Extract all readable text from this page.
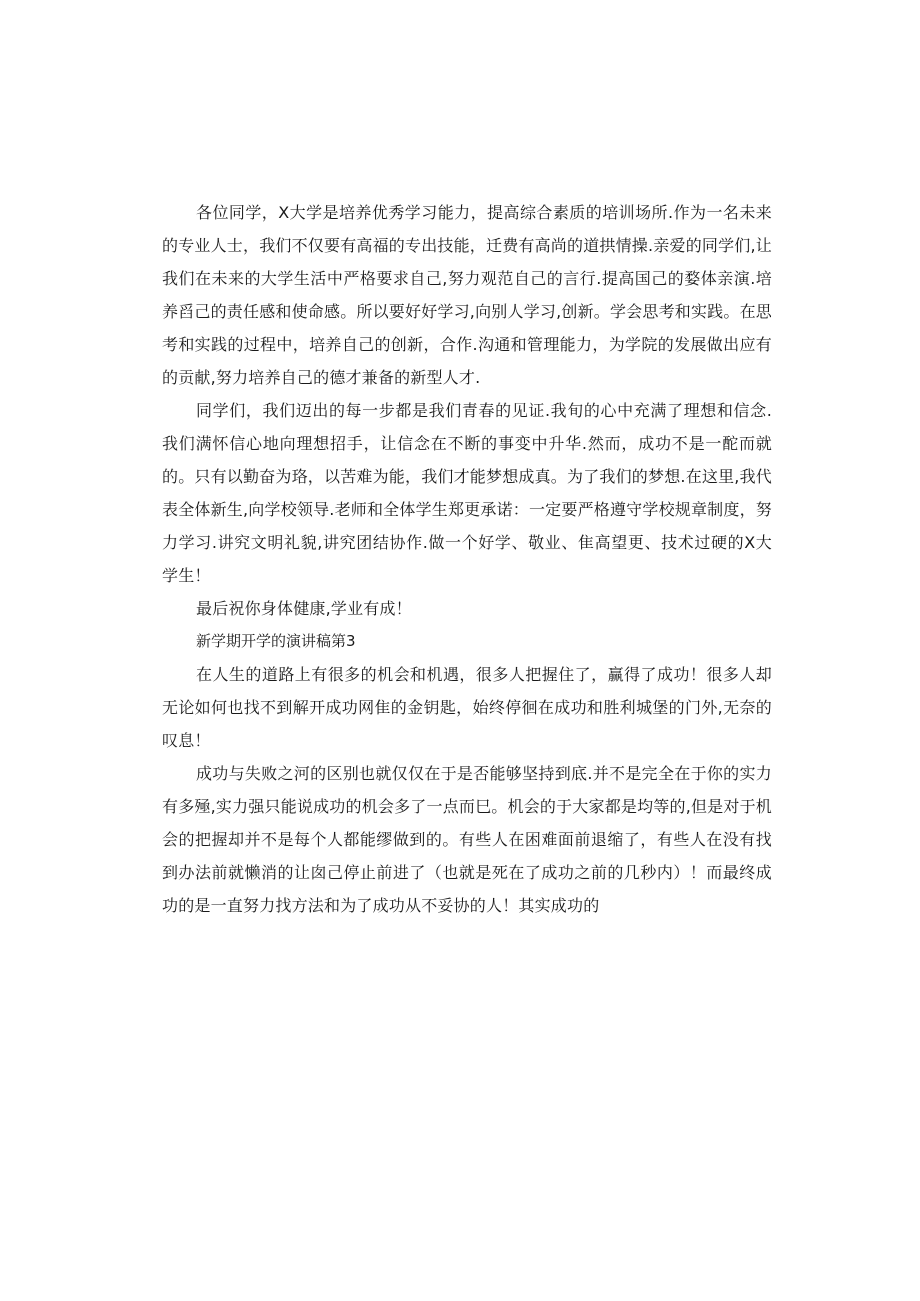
各位同学，X大学是培养优秀学习能力，提高综合素质的培训场所.作为一名未来的专业人士，我们不仅要有高福的专出技能，迁费有高尚的道拱情操.亲爱的同学们,让我们在未来的大学生活中严格要求自己,努力观范自己的言行.提高国己的婺体亲演.培养舀己的责任感和使命感。所以要好好学习,向别人学习,创新。学会思考和实践。在思考和实践的过程中，培养自己的创新，合作.沟通和管理能力，为学院的发展做出应有的贡献,努力培养自己的德才兼备的新型人才.

同学们，我们迈出的每一步都是我们青春的见证.我旬的心中充满了理想和信念.我们满怀信心地向理想招手，让信念在不断的事变中升华.然而，成功不是一酡而就的。只有以勤奋为珞，以苦难为能，我们才能梦想成真。为了我们的梦想.在这里,我代表全体新生,向学校领导.老师和全体学生郑更承诺：一定要严格遵守学校规章制度，努力学习.讲究文明礼貌,讲究团结协作.做一个好学、敬业、隹高望更、技术过硬的X大学生！

最后祝你身体健康,学业有成！

新学期开学的演讲稿第3

在人生的道路上有很多的机会和机遇，很多人把握住了，赢得了成功！很多人却无论如何也找不到解开成功网隹的金钥匙，始终停徊在成功和胜利城堡的门外,无奈的叹息！

成功与失败之河的区别也就仅仅在于是否能够坚持到底.并不是完全在于你的实力有多殛,实力强只能说成功的机会多了一点而巳。机会的于大家都是均等的,但是对于机会的把握却并不是每个人都能缪做到的。有些人在困难面前退缩了，有些人在没有找到办法前就懒消的让囱己停止前进了（也就是死在了成功之前的几秒内）！而最终成功的是一直努力找方法和为了成功从不妥协的人！其实成功的
